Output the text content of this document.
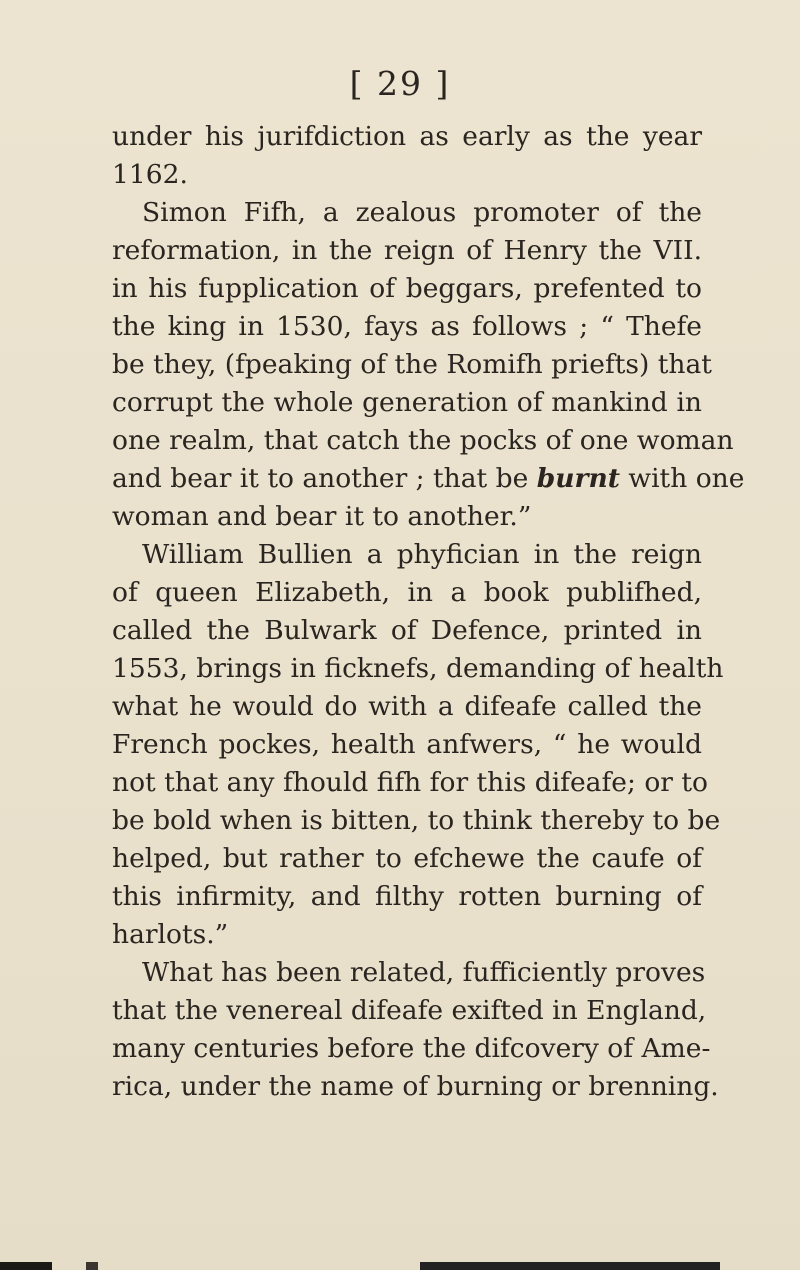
[ 29 ]
under his jurifdiction as early as the year
1162.
Simon Fifh, a zealous promoter of the
reformation, in the reign of Henry the VII.
in his fupplication of beggars, prefented to
the king in 1530, fays as follows ; “ Thefe
be they, (fpeaking of the Romifh priefts) that
corrupt the whole generation of mankind in
one realm, that catch the pocks of one woman
and bear it to another ; that be burnt with one
woman and bear it to another.”
William Bullien a phyfician in the reign
of queen Elizabeth, in a book publifhed,
called the Bulwark of Defence, printed in
1553, brings in ficknefs, demanding of health
what he would do with a difeafe called the
French pockes, health anfwers, “ he would
not that any fhould fifh for this difeafe; or to
be bold when is bitten, to think thereby to be
helped, but rather to efchewe the caufe of
this infirmity, and filthy rotten burning of
harlots.”
What has been related, fufficiently proves
that the venereal difeafe exifted in England,
many centuries before the difcovery of Ame-
rica, under the name of burning or brenning.
